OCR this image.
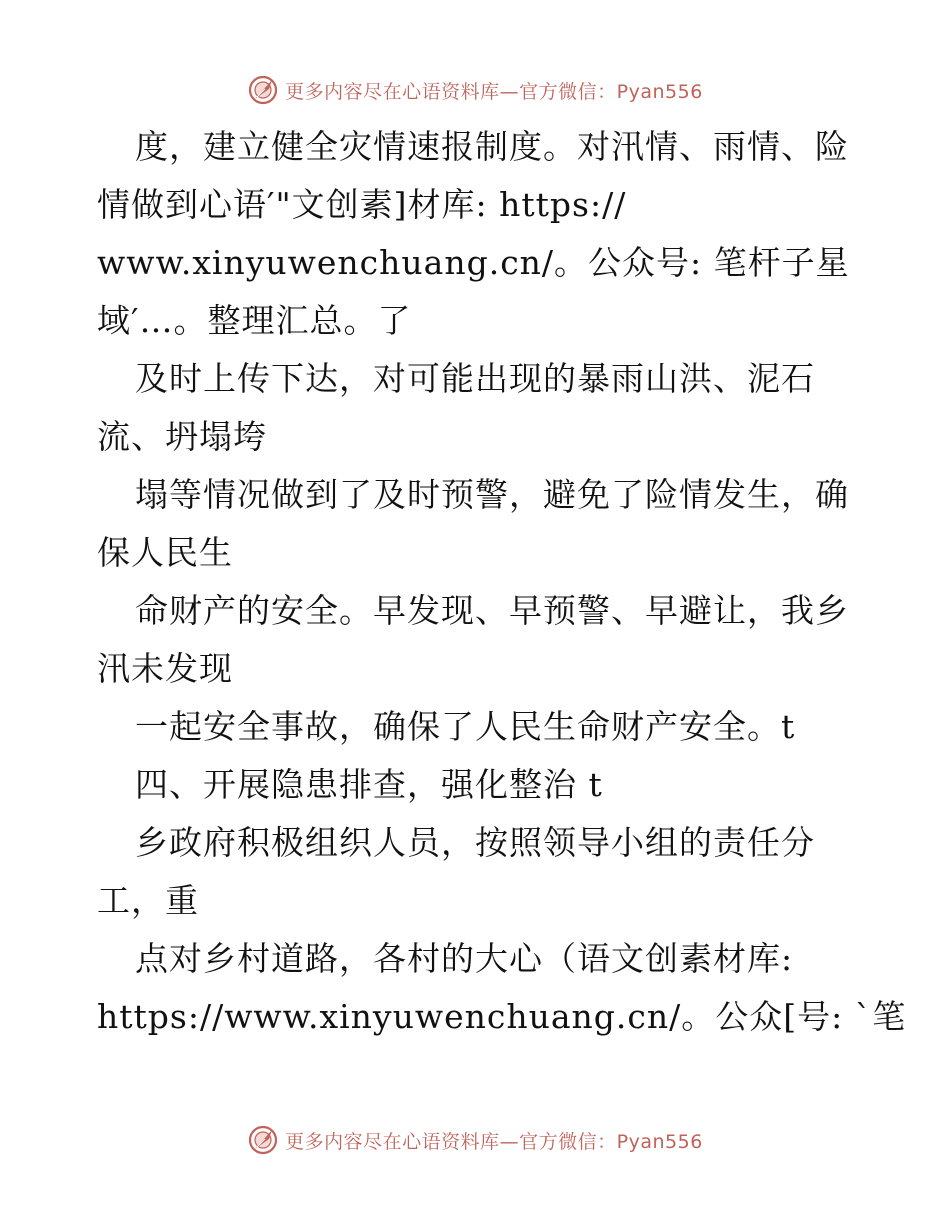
更多内容尽在心语资料库—官方微信：Pyan556
度，建立健全灾情速报制度。对汛情、雨情、险
情做到心语′"文创素]材库: https://
www.xinyuwenchuang.cn/。公众号: 笔杆子星
域′…。整理汇总。了
及时上传下达，对可能出现的暴雨山洪、泥石
流、坍塌垮
塌等情况做到了及时预警，避免了险情发生，确
保人民生
命财产的安全。早发现、早预警、早避让，我乡
汛未发现
一起安全事故，确保了人民生命财产安全。t
四、开展隐患排查，强化整治 t
乡政府积极组织人员，按照领导小组的责任分
工，重
点对乡村道路，各村的大心（语文创素材库:
https://www.xinyuwenchuang.cn/。公众[号: `笔
更多内容尽在心语资料库—官方微信：Pyan556
